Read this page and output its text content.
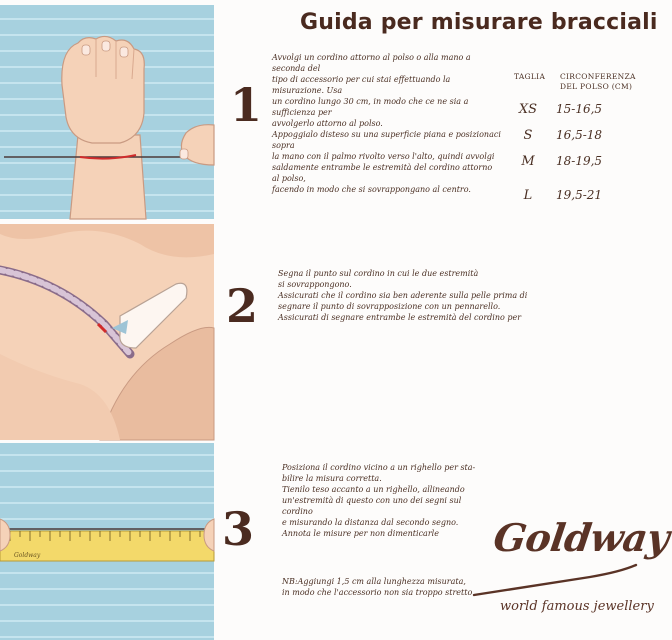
Goldway
Guida per misurare bracciali
1

Avvolgi un cordino attorno al polso o alla mano a seconda del

tipo di accessorio per cui stai effettuando la misurazione. Usa

un cordino lungo 30 cm, in modo che ce ne sia a sufficienza per

avvolgerlo attorno al polso.

Appoggialo disteso su una superficie piana e posizionaci sopra

la mano con il palmo rivolto verso l'alto, quindi avvolgi

saldamente entrambe le estremità del cordino attorno al polso,

facendo in modo che si sovrappongano al centro.

TAGLIA CIRCONFERENZA
DEL POLSO (CM)
XS	15-16,5
S	16,5-18
M	18-19,5
L	19,5-21
2

Segna il punto sul cordino in cui le due estremità

si sovrappongono.

Assicurati che il cordino sia ben aderente sulla pelle prima di

segnare il punto di sovrapposizione con un pennarello.

Assicurati di segnare entrambe le estremità del cordino per

3

Posiziona il cordino vicino a un righello per sta-

bilire la misura corretta.

Tienilo teso accanto a un righello, allineando

un'estremità di questo con uno dei segni sul

cordino

e misurando la distanza dal secondo segno.

Annota le misure per non dimenticarle

NB:Aggiungi 1,5 cm alla lunghezza misurata,

in modo che l'accessorio non sia troppo stretto

Goldway
world famous jewellery
